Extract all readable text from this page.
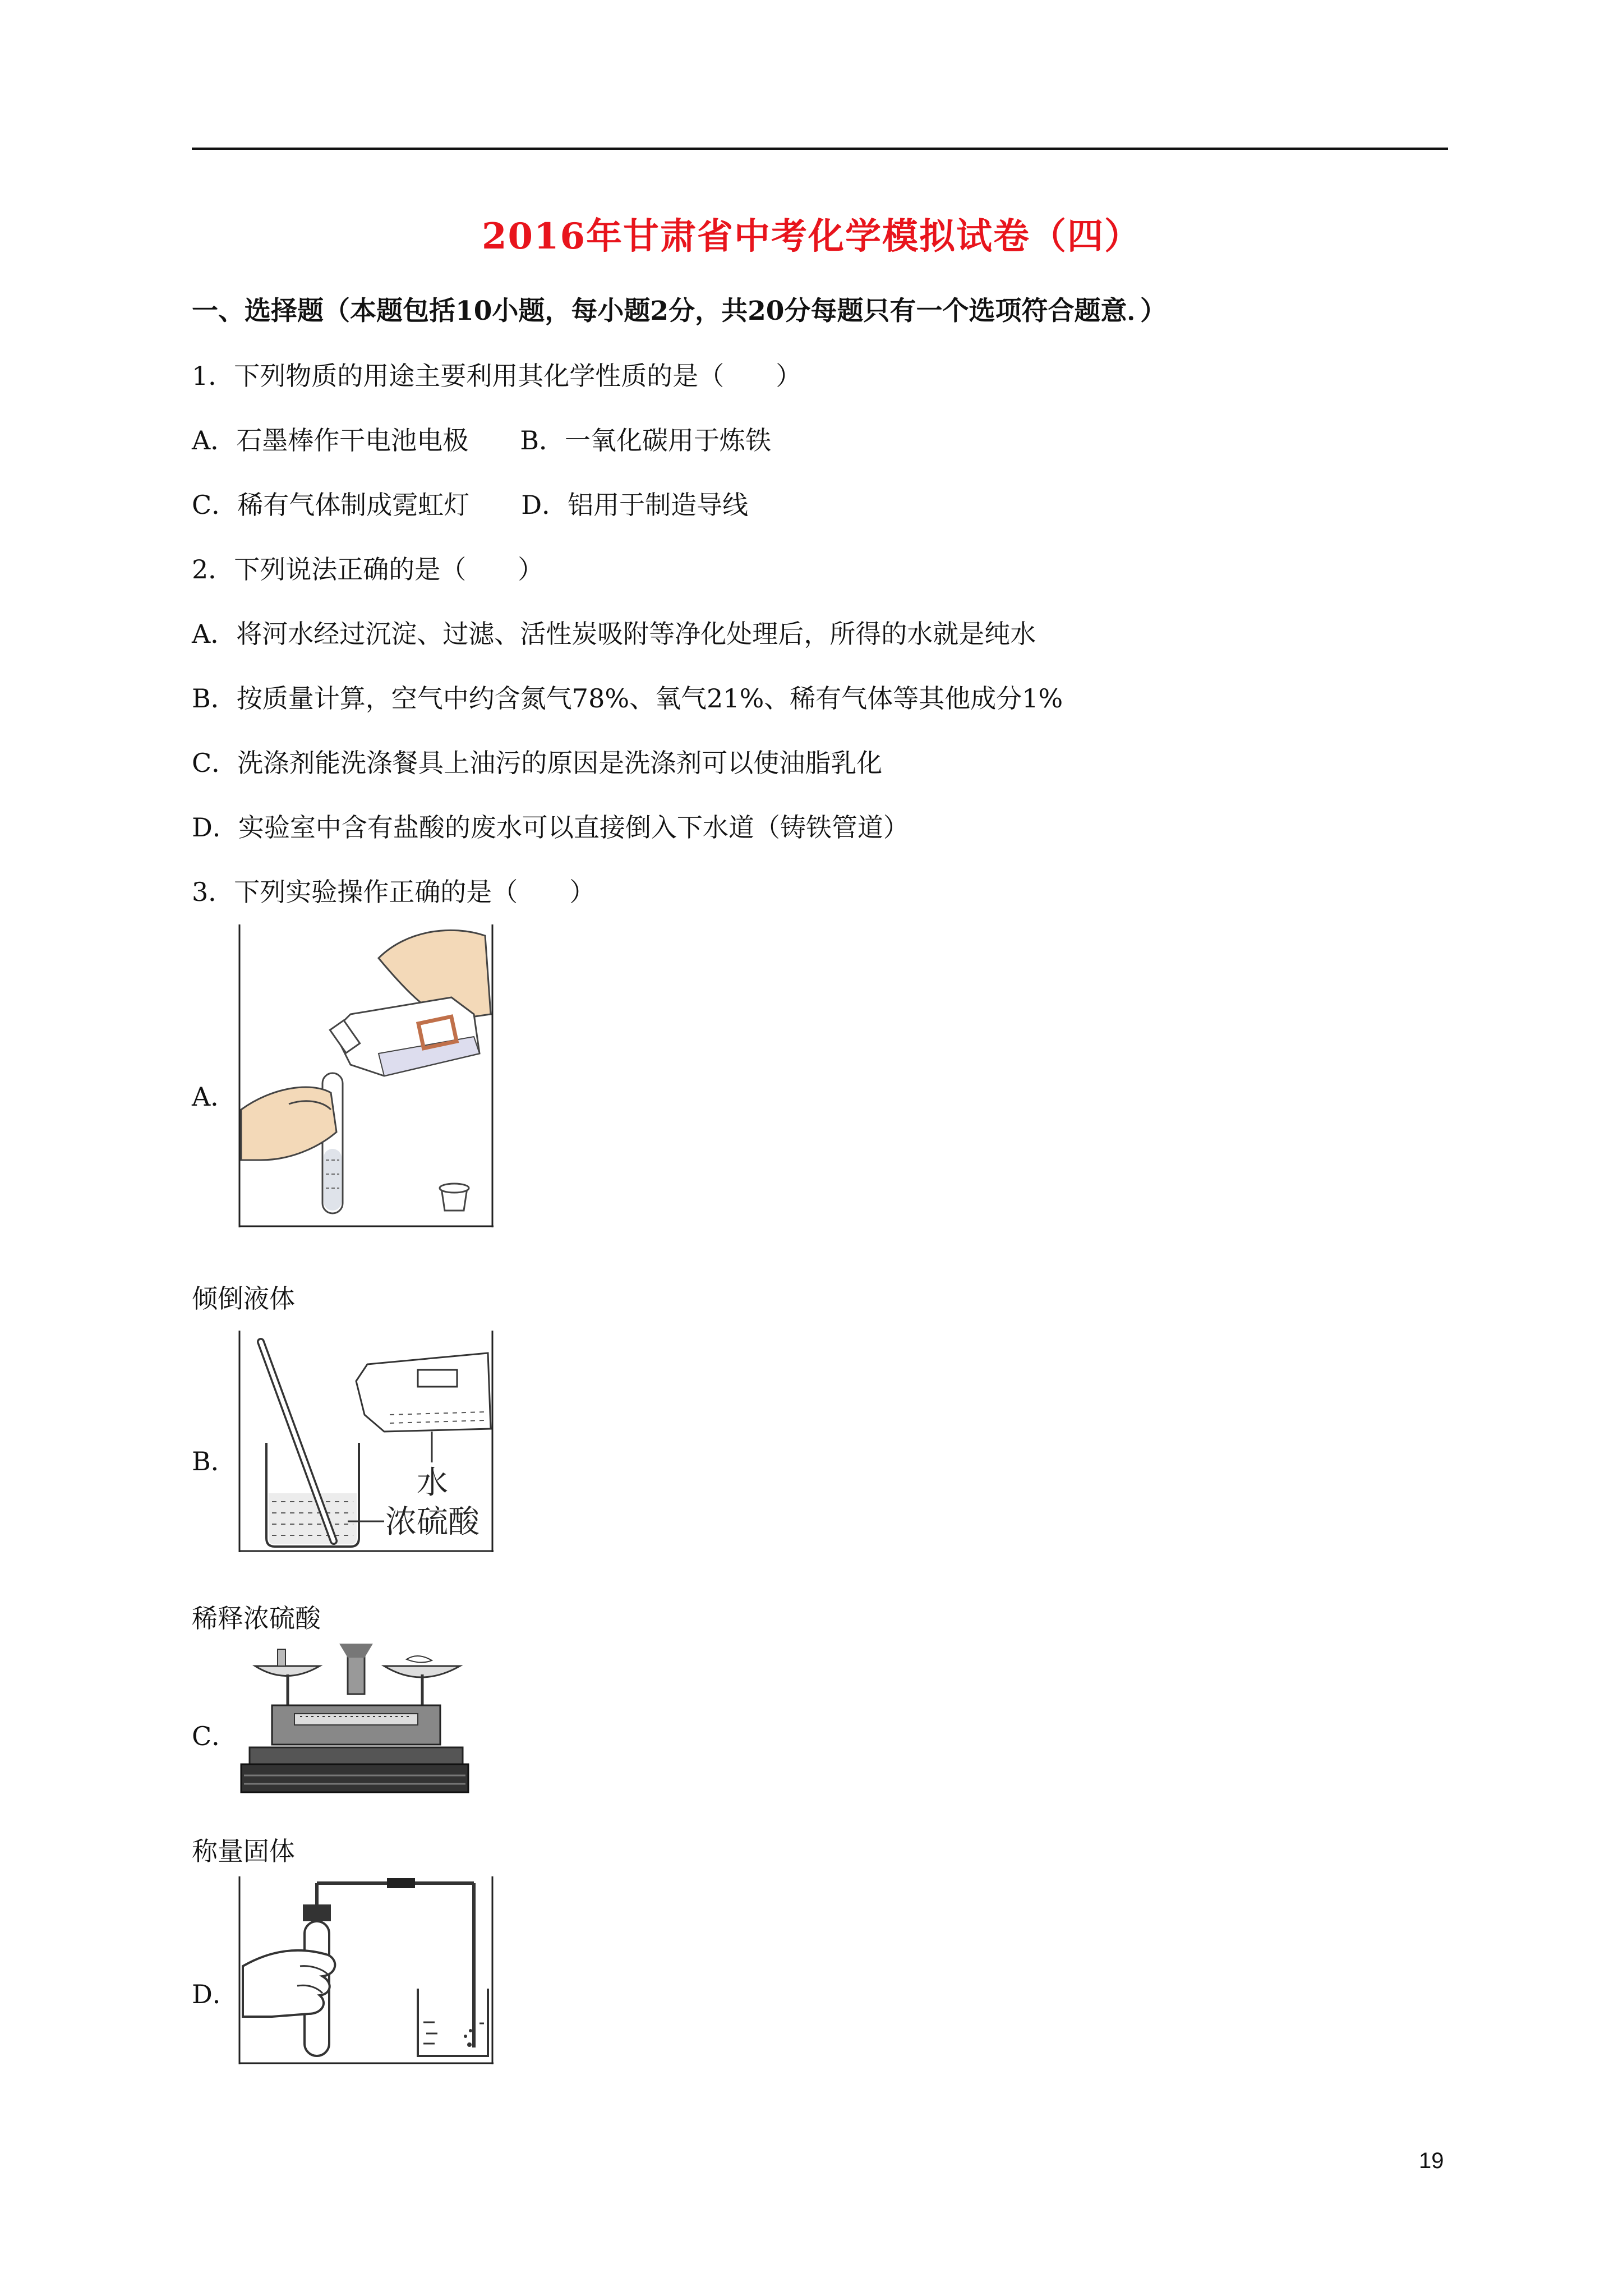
2016年甘肃省中考化学模拟试卷（四）
一、选择题（本题包括10小题，每小题2分，共20分每题只有一个选项符合题意．）
1．下列物质的用途主要利用其化学性质的是（　　）
A．石墨棒作干电池电极　　B．一氧化碳用于炼铁
C．稀有气体制成霓虹灯　　D．铝用于制造导线
2．下列说法正确的是（　　）
A．将河水经过沉淀、过滤、活性炭吸附等净化处理后，所得的水就是纯水
B．按质量计算，空气中约含氮气78%、氧气21%、稀有气体等其他成分1%
C．洗涤剂能洗涤餐具上油污的原因是洗涤剂可以使油脂乳化
D．实验室中含有盐酸的废水可以直接倒入下水道（铸铁管道）
3．下列实验操作正确的是（　　）
A．
倾倒液体
B．
水
浓硫酸
稀释浓硫酸
C．
称量固体
D．
19
